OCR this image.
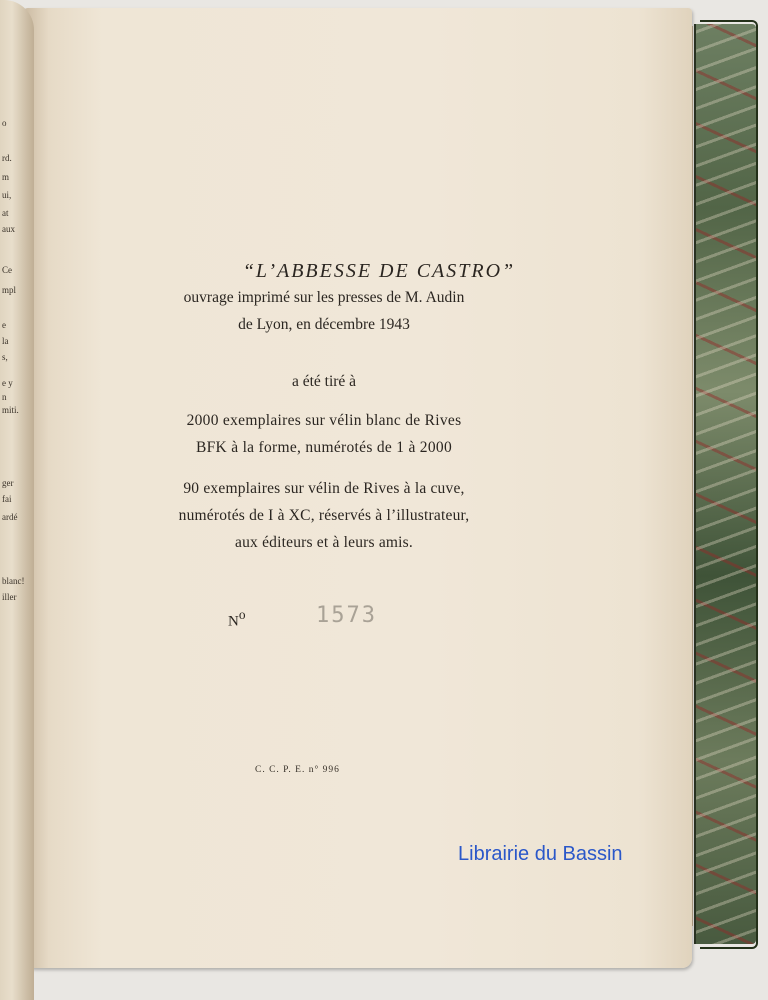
o
rd.
m
ui,
at
aux
Ce
mpl
e
la
s,
e y
n
miti.
ger
fai
ardé
blanc!
iller
“L’ABBESSE DE CASTRO”
ouvrage imprimé sur les presses de M. Audin
de Lyon, en décembre 1943
a été tiré à
2000 exemplaires sur vélin blanc de Rives
BFK à la forme, numérotés de 1 à 2000
90 exemplaires sur vélin de Rives à la cuve,
numérotés de I à XC, réservés à l’illustrateur,
aux éditeurs et à leurs amis.
$N^o$	1573
C. C. P. E. n° 996
Librairie du Bassin
